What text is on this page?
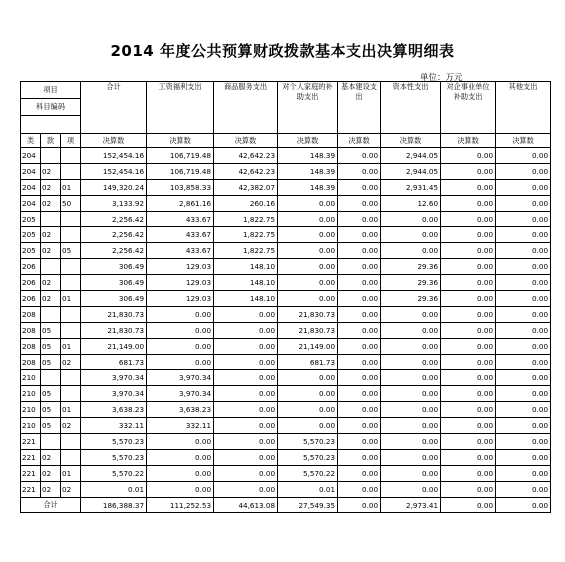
2014 年度公共预算财政拨款基本支出决算明细表
单位：万元
项目			合计	工资福利支出	商品服务支出	对个人家庭的补助支出	基本建设支出	资本性支出	对企事业单位补助支出	其他支出
科目编码										

类	款	项	决算数	决算数	决算数	决算数	决算数	决算数	决算数	决算数
204			152,454.16	106,719.48	42,642.23	148.39	0.00	2,944.05	0.00	0.00
204	02		152,454.16	106,719.48	42,642.23	148.39	0.00	2,944.05	0.00	0.00
204	02	01	149,320.24	103,858.33	42,382.07	148.39	0.00	2,931.45	0.00	0.00
204	02	50	3,133.92	2,861.16	260.16	0.00	0.00	12.60	0.00	0.00
205			2,256.42	433.67	1,822.75	0.00	0.00	0.00	0.00	0.00
205	02		2,256.42	433.67	1,822.75	0.00	0.00	0.00	0.00	0.00
205	02	05	2,256.42	433.67	1,822.75	0.00	0.00	0.00	0.00	0.00
206			306.49	129.03	148.10	0.00	0.00	29.36	0.00	0.00
206	02		306.49	129.03	148.10	0.00	0.00	29.36	0.00	0.00
206	02	01	306.49	129.03	148.10	0.00	0.00	29.36	0.00	0.00
208			21,830.73	0.00	0.00	21,830.73	0.00	0.00	0.00	0.00
208	05		21,830.73	0.00	0.00	21,830.73	0.00	0.00	0.00	0.00
208	05	01	21,149.00	0.00	0.00	21,149.00	0.00	0.00	0.00	0.00
208	05	02	681.73	0.00	0.00	681.73	0.00	0.00	0.00	0.00
210			3,970.34	3,970.34	0.00	0.00	0.00	0.00	0.00	0.00
210	05		3,970.34	3,970.34	0.00	0.00	0.00	0.00	0.00	0.00
210	05	01	3,638.23	3,638.23	0.00	0.00	0.00	0.00	0.00	0.00
210	05	02	332.11	332.11	0.00	0.00	0.00	0.00	0.00	0.00
221			5,570.23	0.00	0.00	5,570.23	0.00	0.00	0.00	0.00
221	02		5,570.23	0.00	0.00	5,570.23	0.00	0.00	0.00	0.00
221	02	01	5,570.22	0.00	0.00	5,570.22	0.00	0.00	0.00	0.00
221	02	02	0.01	0.00	0.00	0.01	0.00	0.00	0.00	0.00
合计			186,388.37	111,252.53	44,613.08	27,549.35	0.00	2,973.41	0.00	0.00
